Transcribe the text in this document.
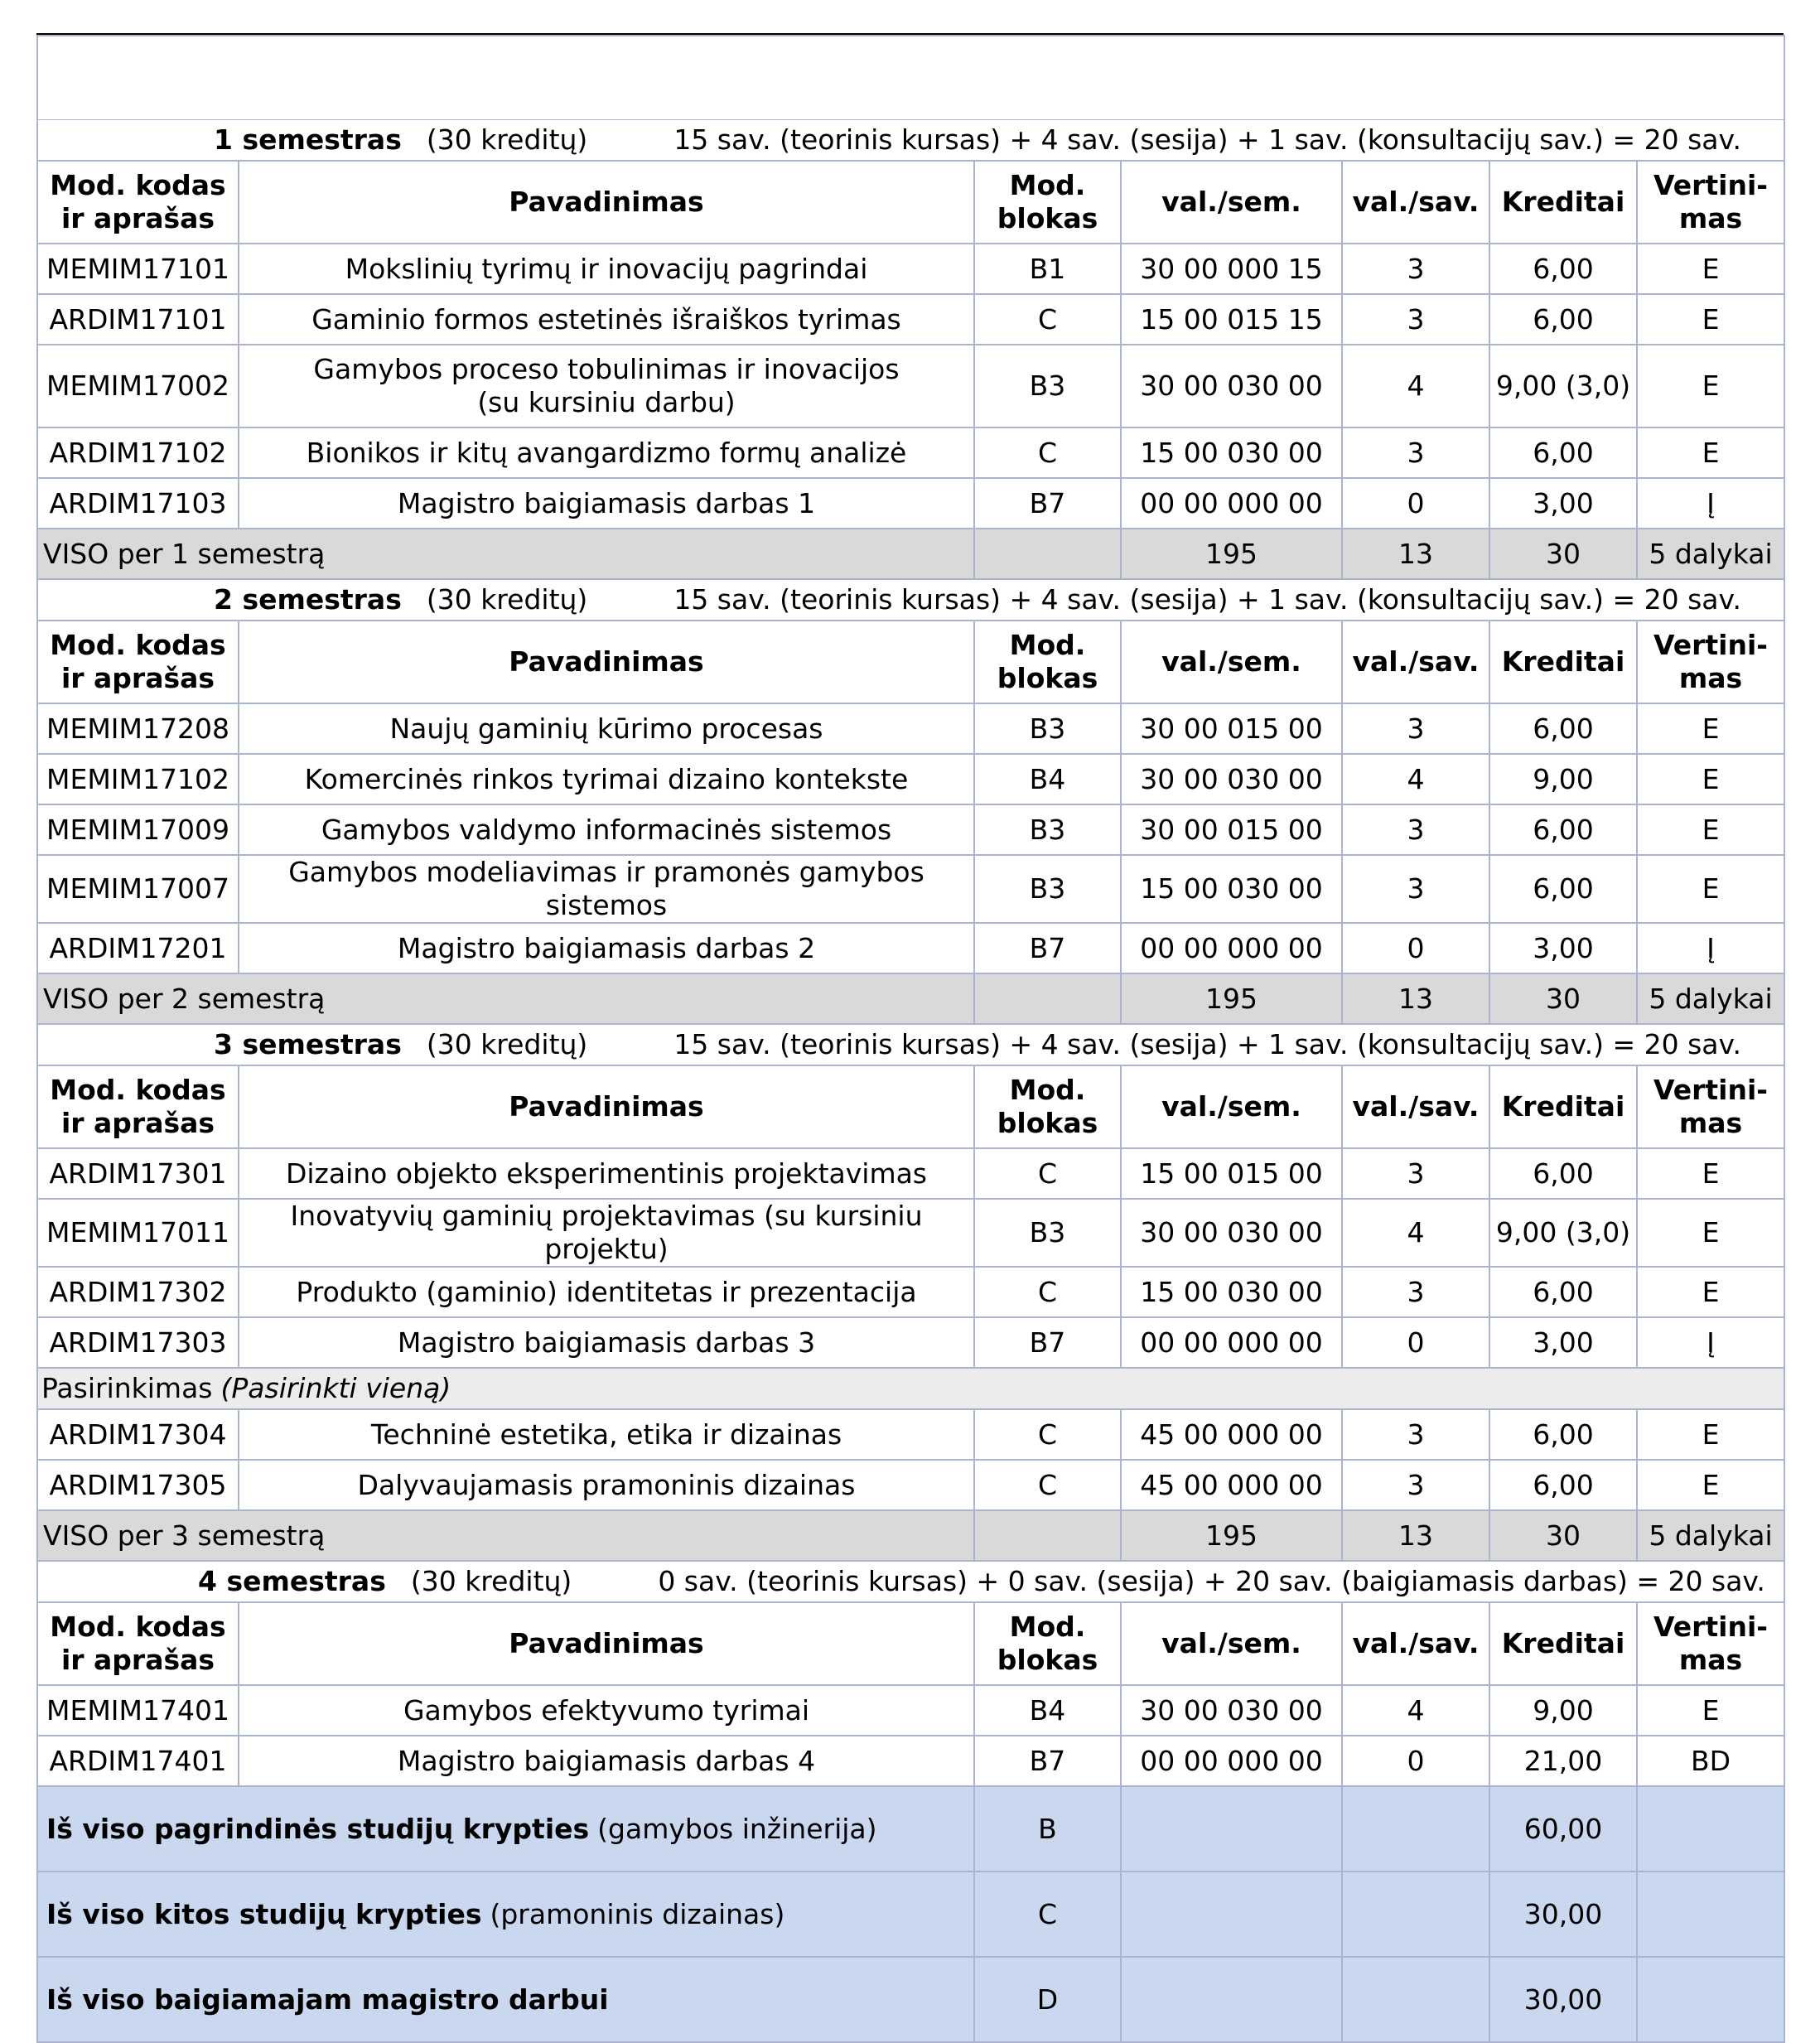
1 semestras (30 kreditų) 15 sav. (teorinis kursas) + 4 sav. (sesija) + 1 sav. (konsultacijų sav.) = 20 sav.						
Mod. kodas
ir aprašas	Pavadinimas	Mod.
blokas	val./sem.	val./sav.	Kreditai	Vertini-
mas
MEMIM17101	Mokslinių tyrimų ir inovacijų pagrindai	B1	30 00 000 15	3	6,00	E
ARDIM17101	Gaminio formos estetinės išraiškos tyrimas	C	15 00 015 15	3	6,00	E
MEMIM17002	Gamybos proceso tobulinimas ir inovacijos
(su kursiniu darbu)	B3	30 00 030 00	4	9,00 (3,0)	E
ARDIM17102	Bionikos ir kitų avangardizmo formų analizė	C	15 00 030 00	3	6,00	E
ARDIM17103	Magistro baigiamasis darbas 1	B7	00 00 000 00	0	3,00	Į
VISO per 1 semestrą			195	13	30	5 dalykai
2 semestras (30 kreditų) 15 sav. (teorinis kursas) + 4 sav. (sesija) + 1 sav. (konsultacijų sav.) = 20 sav.						
Mod. kodas
ir aprašas	Pavadinimas	Mod.
blokas	val./sem.	val./sav.	Kreditai	Vertini-
mas
MEMIM17208	Naujų gaminių kūrimo procesas	B3	30 00 015 00	3	6,00	E
MEMIM17102	Komercinės rinkos tyrimai dizaino kontekste	B4	30 00 030 00	4	9,00	E
MEMIM17009	Gamybos valdymo informacinės sistemos	B3	30 00 015 00	3	6,00	E
MEMIM17007	Gamybos modeliavimas ir pramonės gamybos sistemos	B3	15 00 030 00	3	6,00	E
ARDIM17201	Magistro baigiamasis darbas 2	B7	00 00 000 00	0	3,00	Į
VISO per 2 semestrą			195	13	30	5 dalykai
3 semestras (30 kreditų) 15 sav. (teorinis kursas) + 4 sav. (sesija) + 1 sav. (konsultacijų sav.) = 20 sav.						
Mod. kodas
ir aprašas	Pavadinimas	Mod.
blokas	val./sem.	val./sav.	Kreditai	Vertini-
mas
ARDIM17301	Dizaino objekto eksperimentinis projektavimas	C	15 00 015 00	3	6,00	E
MEMIM17011	Inovatyvių gaminių projektavimas (su kursiniu projektu)	B3	30 00 030 00	4	9,00 (3,0)	E
ARDIM17302	Produkto (gaminio) identitetas ir prezentacija	C	15 00 030 00	3	6,00	E
ARDIM17303	Magistro baigiamasis darbas 3	B7	00 00 000 00	0	3,00	Į
Pasirinkimas (Pasirinkti vieną)						
ARDIM17304	Techninė estetika, etika ir dizainas	C	45 00 000 00	3	6,00	E
ARDIM17305	Dalyvaujamasis pramoninis dizainas	C	45 00 000 00	3	6,00	E
VISO per 3 semestrą			195	13	30	5 dalykai
4 semestras (30 kreditų) 0 sav. (teorinis kursas) + 0 sav. (sesija) + 20 sav. (baigiamasis darbas) = 20 sav.						
Mod. kodas
ir aprašas	Pavadinimas	Mod.
blokas	val./sem.	val./sav.	Kreditai	Vertini-
mas
MEMIM17401	Gamybos efektyvumo tyrimai	B4	30 00 030 00	4	9,00	E
ARDIM17401	Magistro baigiamasis darbas 4	B7	00 00 000 00	0	21,00	BD
Iš viso pagrindinės studijų krypties (gamybos inžinerija)		B			60,00	
Iš viso kitos studijų krypties (pramoninis dizainas)		C			30,00	
Iš viso baigiamajam magistro darbui		D			30,00	
